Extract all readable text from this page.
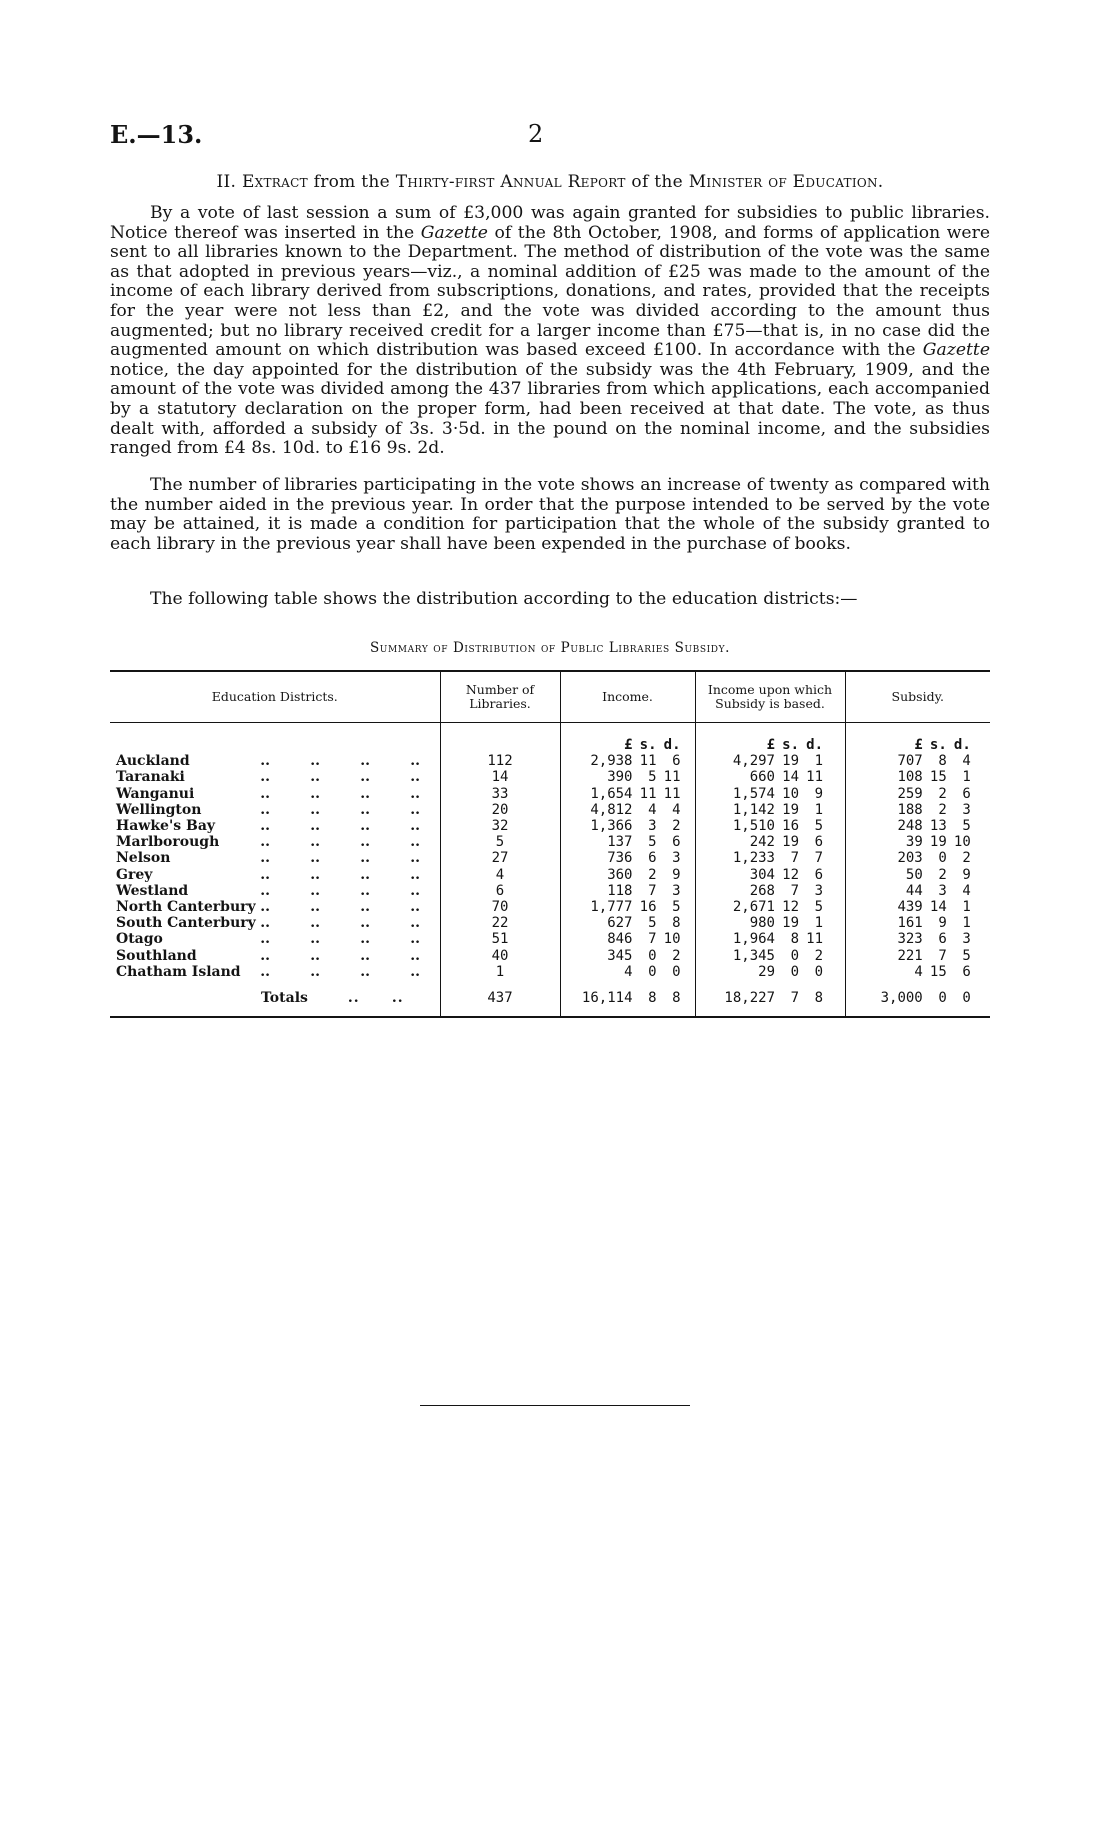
E.—13.	2
II. Extract from the Thirty-first Annual Report of the Minister of Education.

By a vote of last session a sum of £3,000 was again granted for subsidies to public libraries. Notice thereof was inserted in the Gazette of the 8th October, 1908, and forms of application were sent to all libraries known to the Department. The method of distribution of the vote was the same as that adopted in previous years—viz., a nominal addition of £25 was made to the amount of the income of each library derived from subscriptions, donations, and rates, provided that the receipts for the year were not less than £2, and the vote was divided according to the amount thus augmented; but no library received credit for a larger income than £75—that is, in no case did the augmented amount on which distribution was based exceed £100. In accordance with the Gazette notice, the day appointed for the distribution of the subsidy was the 4th February, 1909, and the amount of the vote was divided among the 437 libraries from which applications, each accompanied by a statutory declaration on the proper form, had been received at that date. The vote, as thus dealt with, afforded a subsidy of 3s. 3·5d. in the pound on the nominal income, and the subsidies ranged from £4 8s. 10d. to £16 9s. 2d.

The number of libraries participating in the vote shows an increase of twenty as compared with the number aided in the previous year. In order that the purpose intended to be served by the vote may be attained, it is made a condition for participation that the whole of the subsidy granted to each library in the previous year shall have been expended in the purchase of books.

The following table shows the distribution according to the education districts:—

Summary of Distribution of Public Libraries Subsidy.
Education Districts.	Number of Libraries.	Income.	Income upon which Subsidy is based.	Subsidy.

		£ s. d.	£ s. d.	£ s. d.

Auckland .. .. .. ..	112	2,938 11 6	4,297 19 1	707 8 4

Taranaki .. .. .. ..	14	390 5 11	660 14 11	108 15 1

Wanganui .. .. .. ..	33	1,654 11 11	1,574 10 9	259 2 6

Wellington .. .. .. ..	20	4,812 4 4	1,142 19 1	188 2 3

Hawke's Bay .. .. .. ..	32	1,366 3 2	1,510 16 5	248 13 5

Marlborough .. .. .. ..	5	137 5 6	242 19 6	39 19 10

Nelson .. .. .. ..	27	736 6 3	1,233 7 7	203 0 2

Grey .. .. .. ..	4	360 2 9	304 12 6	50 2 9

Westland .. .. .. ..	6	118 7 3	268 7 3	44 3 4

North Canterbury .. .. .. ..	70	1,777 16 5	2,671 12 5	439 14 1

South Canterbury .. .. .. ..	22	627 5 8	980 19 1	161 9 1

Otago .. .. .. ..	51	846 7 10	1,964 8 11	323 6 3

Southland .. .. .. ..	40	345 0 2	1,345 0 2	221 7 5

Chatham Island .. .. .. ..	1	4 0 0	29 0 0	4 15 6

Totals .. ..	437	16,114 8 8	18,227 7 8	3,000 0 0
